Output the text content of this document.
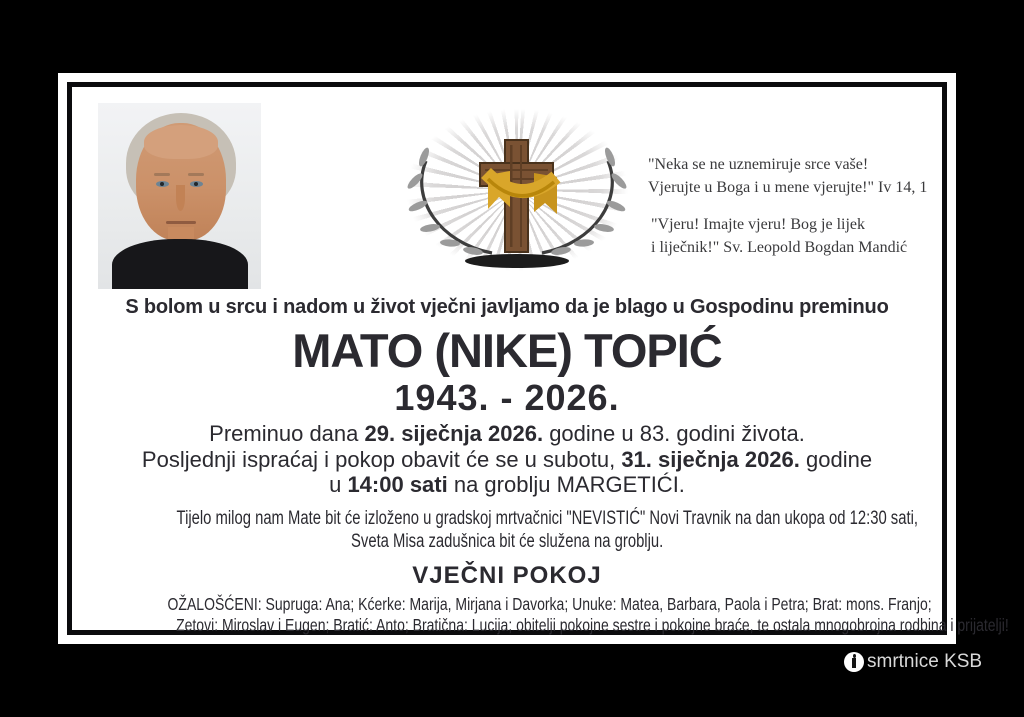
"Neka se ne uznemiruje srce vaše!
Vjerujte u Boga i u mene vjerujte!" Iv 14, 1
"Vjeru! Imajte vjeru! Bog je lijek
i liječnik!" Sv. Leopold Bogdan Mandić
S bolom u srcu i nadom u život vječni javljamo da je blago u Gospodinu preminuo
MATO (NIKE) TOPIĆ
1943. - 2026.
Preminuo dana 29. siječnja 2026. godine u 83. godini života.
Posljednji ispraćaj i pokop obavit će se u subotu, 31. siječnja 2026. godine
u 14:00 sati na groblju MARGETIĆI.
Tijelo milog nam Mate bit će izloženo u gradskoj mrtvačnici "NEVISTIĆ" Novi Travnik na dan ukopa od 12:30 sati,
Sveta Misa zadušnica bit će služena na groblju.
VJEČNI POKOJ
OŽALOŠĆENI: Supruga: Ana; Kćerke: Marija, Mirjana i Davorka; Unuke: Matea, Barbara, Paola i Petra; Brat: mons. Franjo;
Zetovi: Miroslav i Eugen; Bratić: Anto; Bratična: Lucija; obitelji pokojne sestre i pokojne braće, te ostala mnogobrojna rodbina i prijatelji!
smrtnice KSB
